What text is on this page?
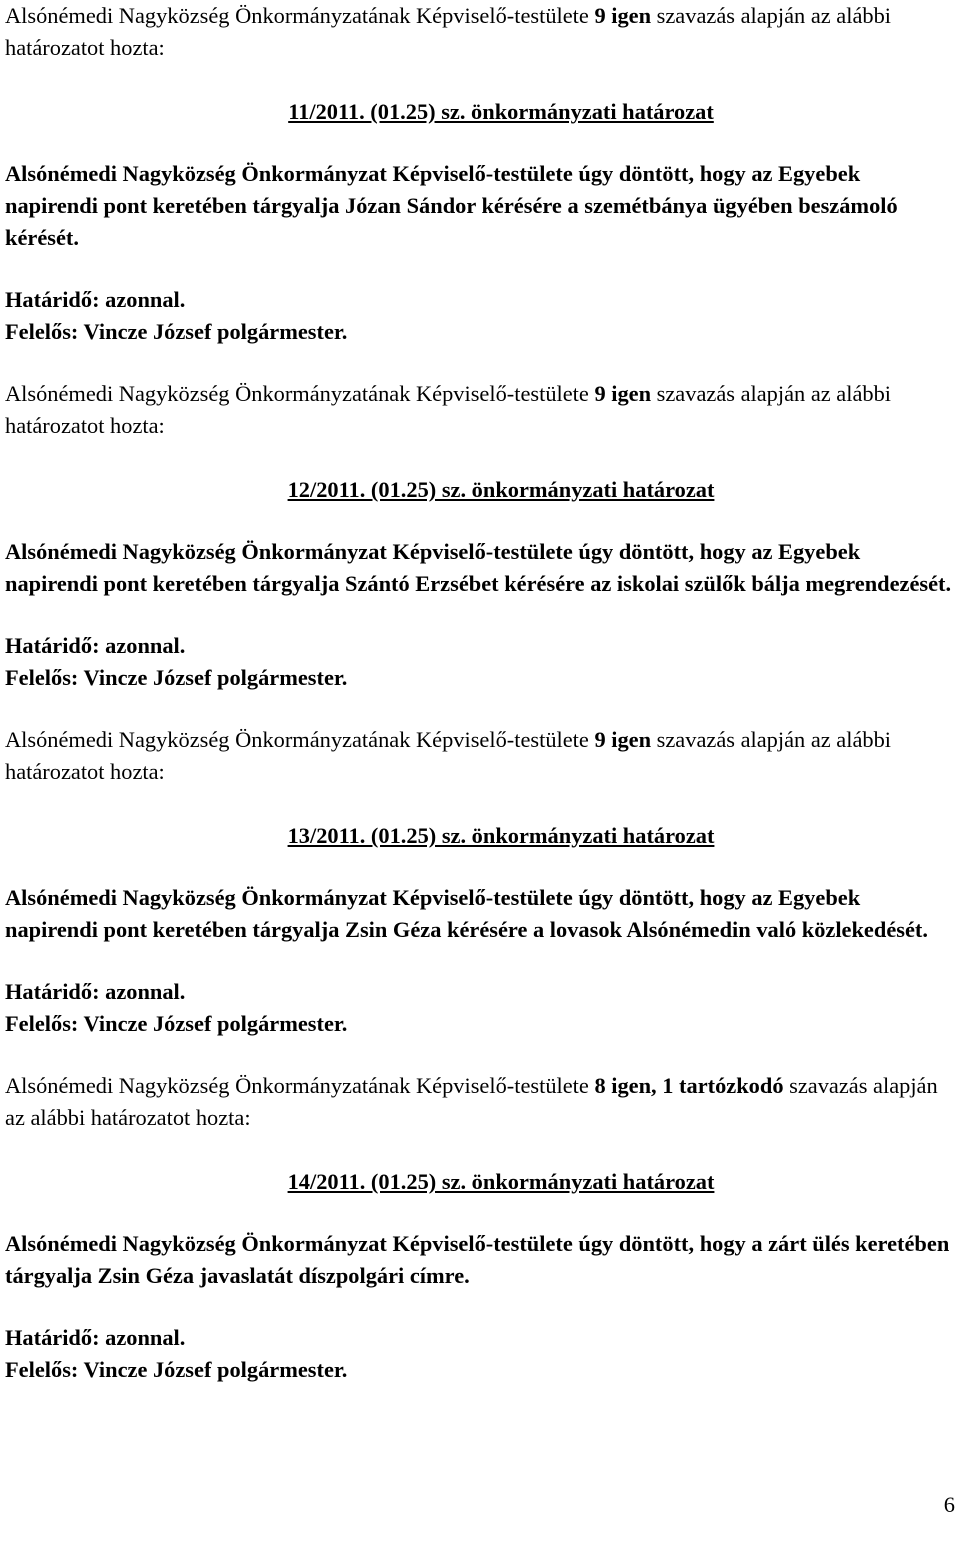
Alsónémedi Nagyközség Önkormányzatának Képviselő-testülete 9 igen szavazás alapján az alábbi határozatot hozta:

11/2011. (01.25) sz. önkormányzati határozat

Alsónémedi Nagyközség Önkormányzat Képviselő-testülete úgy döntött, hogy az Egyebek napirendi pont keretében tárgyalja Józan Sándor kérésére a szemétbánya ügyében beszámoló kérését.

Határidő: azonnal.

Felelős: Vincze József polgármester.

Alsónémedi Nagyközség Önkormányzatának Képviselő-testülete 9 igen szavazás alapján az alábbi határozatot hozta:

12/2011. (01.25) sz. önkormányzati határozat

Alsónémedi Nagyközség Önkormányzat Képviselő-testülete úgy döntött, hogy az Egyebek napirendi pont keretében tárgyalja Szántó Erzsébet kérésére az iskolai szülők bálja megrendezését.

Határidő: azonnal.

Felelős: Vincze József polgármester.

Alsónémedi Nagyközség Önkormányzatának Képviselő-testülete 9 igen szavazás alapján az alábbi határozatot hozta:

13/2011. (01.25) sz. önkormányzati határozat

Alsónémedi Nagyközség Önkormányzat Képviselő-testülete úgy döntött, hogy az Egyebek napirendi pont keretében tárgyalja Zsin Géza kérésére a lovasok Alsónémedin való közlekedését.

Határidő: azonnal.

Felelős: Vincze József polgármester.

Alsónémedi Nagyközség Önkormányzatának Képviselő-testülete 8 igen, 1 tartózkodó szavazás alapján az alábbi határozatot hozta:

14/2011. (01.25) sz. önkormányzati határozat

Alsónémedi Nagyközség Önkormányzat Képviselő-testülete úgy döntött, hogy a zárt ülés keretében tárgyalja Zsin Géza javaslatát díszpolgári címre.

Határidő: azonnal.

Felelős: Vincze József polgármester.

6
